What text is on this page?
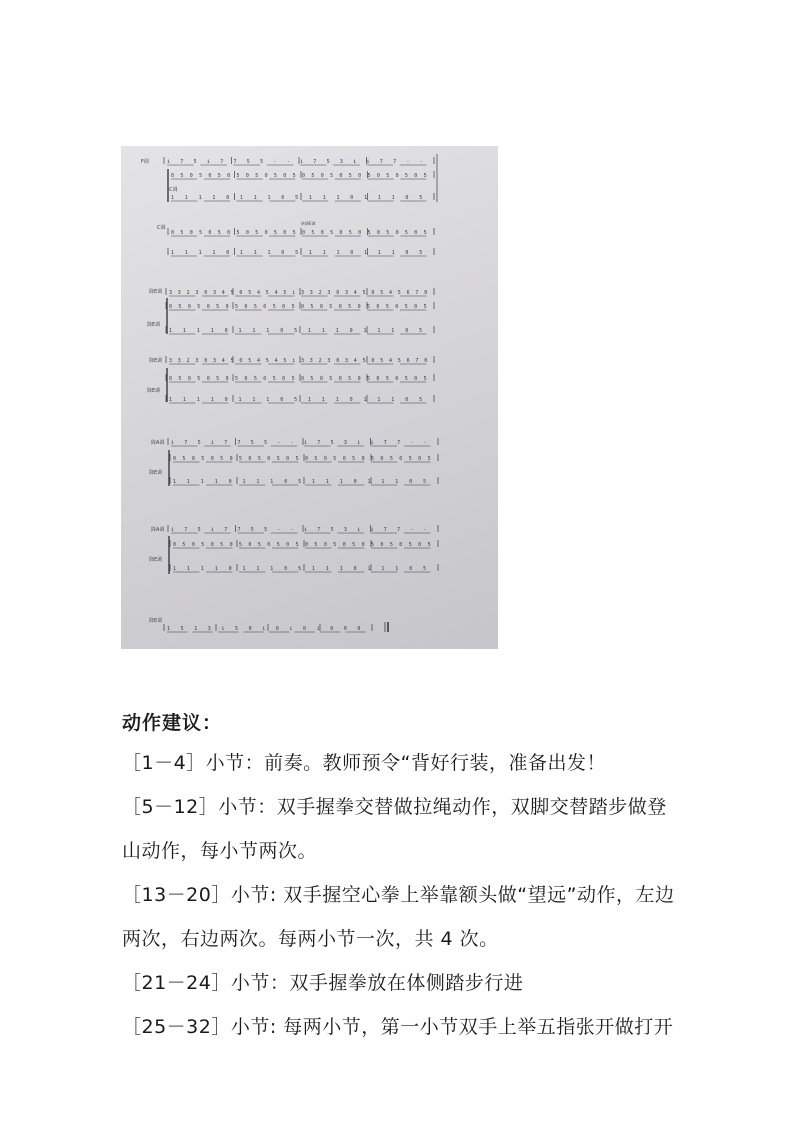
F调	i 7 5 i 7 7 5 5 - - i 7 5 3 i i 7 7 - -
C调
0 5 0 5 0 5 0 5 0 5 0 5 0 5 0 5 0 5 0 5 0 5 0 5 0 5 0 5
1 1 1 1 0 1 1 1 0 5 1 1 1 0 1 1 1 0 5
C调
转降E调
0 5 0 5 0 5 0 5 0 5 0 5 0 5 0 5 0 5 0 5 0 5 0 5 0 5 0 5
1 1 1 1 0 1 1 1 0 5 1 1 1 0 1 1 1 0 5
降E调 3 3 2 3 0 3 4 5 0 5 4 5 4 5 i 3 3 2 3 0 3 4 5 0 5 4 5 6 7 0
降E调
0 5 0 5 0 5 0 5 0 5 0 5 0 5 0 5 0 5 0 5 0 5 0 5 0 5 0 5
1 1 1 1 0 1 1 1 0 5 1 1 1 0 1 1 1 0 5
降E调 3 3 2 3 0 3 4 5 0 5 4 5 4 5 i 3 3 2 3 0 3 4 5 0 5 4 5 6 7 0
降E调
0 5 0 5 0 5 0 5 0 5 0 5 0 5 0 5 0 5 0 5 0 5 0 5 0 5 0 5
1 1 1 1 0 1 1 1 0 5 1 1 1 0 1 1 1 0 5
降A调 i 7 5 i 7 7 5 5 - - i 7 5 3 i i 7 7 - -
降E调
0 5 0 5 0 5 0 5 0 5 0 5 0 5 0 5 0 5 0 5 0 5 0 5 0 5 0 5
1 1 1 1 0 1 1 1 0 5 1 1 1 0 1 1 1 0 5
降A调 i 7 5 i 7 7 5 5 - - i 7 5 3 i i 7 7 - -
降E调
0 5 0 5 0 5 0 5 0 5 0 5 0 5 0 5 0 5 0 5 0 5 0 5 0 5 0 5
1 1 1 1 0 1 1 1 0 5 1 1 1 0 1 1 1 0 5
降E调
1 5 1 3 i 5 0 i 0 i 0 i 0 0 0
动作建议：

［1－4］小节：前奏。教师预令“背好行装，准备出发！

［5－12］小节：双手握拳交替做拉绳动作，双脚交替踏步做登山动作，每小节两次。

［13－20］小节: 双手握空心拳上举靠额头做“望远”动作，左边两次，右边两次。每两小节一次，共 4 次。

［21－24］小节：双手握拳放在体侧踏步行进

［25－32］小节: 每两小节，第一小节双手上举五指张开做打开
